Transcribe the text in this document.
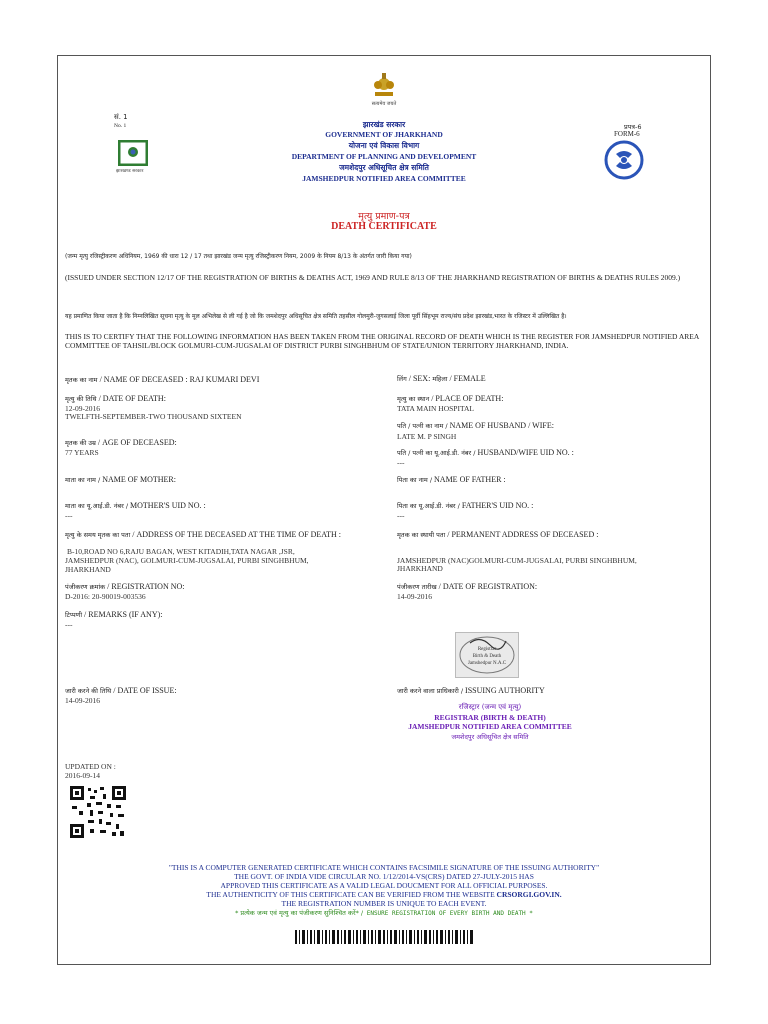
सत्यमेव जयते
सं. 1
No. 1	प्रपत्र-6
FORM-6
झारखण्ड सरकार
झारखंड सरकार
GOVERNMENT OF JHARKHAND
योजना एवं विकास विभाग
DEPARTMENT OF PLANNING AND DEVELOPMENT
जमशेदपुर अधिसूचित क्षेत्र समिति
JAMSHEDPUR NOTIFIED AREA COMMITTEE
मृत्यु प्रमाण-पत्र
DEATH CERTIFICATE
(जन्म मृत्यु रजिस्ट्रीकरण अधिनियम, 1969 की धारा 12 / 17 तथा झारखंड जन्म मृत्यु रजिस्ट्रीकरण नियम, 2009 के नियम 8/13 के अंतर्गत जारी किया गया)
(ISSUED UNDER SECTION 12/17 OF THE REGISTRATION OF BIRTHS & DEATHS ACT, 1969 AND RULE 8/13 OF THE JHARKHAND REGISTRATION OF BIRTHS & DEATHS RULES 2009.)
यह प्रमाणित किया जाता है कि निम्नलिखित सूचना मृत्यु के मूल अभिलेख से ली गई है जो कि जमशेदपुर अधिसूचित क्षेत्र समिति तहसील गोलमुरी-जुगसलाई जिला पूर्वी सिंहभूम राज्य/संघ प्रदेश झारखंड,भारत के रजिस्टर में उल्लिखित है।
THIS IS TO CERTIFY THAT THE FOLLOWING INFORMATION HAS BEEN TAKEN FROM THE ORIGINAL RECORD OF DEATH WHICH IS THE REGISTER FOR JAMSHEDPUR NOTIFIED AREA COMMITTEE OF TAHSIL/BLOCK GOLMURI-CUM-JUGSALAI OF DISTRICT PURBI SINGHBHUM OF STATE/UNION TERRITORY JHARKHAND, INDIA.
मृतक का नाम / NAME OF DECEASED : RAJ KUMARI DEVI	लिंग / SEX: महिला / FEMALE
मृत्यु की तिथि / DATE OF DEATH:
12-09-2016
TWELFTH-SEPTEMBER-TWO THOUSAND SIXTEEN
मृत्यु का स्थान / PLACE OF DEATH:
TATA MAIN HOSPITAL
पति / पत्नी का नाम / NAME OF HUSBAND / WIFE:
LATE M. P SINGH
मृतक की उम्र / AGE OF DECEASED:
77 YEARS	पति / पत्नी का यू.आई.डी. नंबर / HUSBAND/WIFE UID NO. :
---
माता का नाम / NAME OF MOTHER:	पिता का नाम / NAME OF FATHER :
माता का यू.आई.डी. नंबर / MOTHER'S UID NO. :
---
पिता का यू.आई.डी. नंबर / FATHER'S UID NO. :
---
मृत्यु के समय मृतक का पता / ADDRESS OF THE DECEASED AT THE TIME OF DEATH :
B-10,ROAD NO 6,RAJU BAGAN, WEST KITADIH,TATA NAGAR ,JSR,
JAMSHEDPUR (NAC), GOLMURI-CUM-JUGSALAI, PURBI SINGHBHUM,
JHARKHAND
मृतक का स्थायी पता / PERMANENT ADDRESS OF DECEASED :
JAMSHEDPUR (NAC)GOLMURI-CUM-JUGSALAI, PURBI SINGHBHUM,
JHARKHAND
पंजीकरण क्रमांक / REGISTRATION NO:
D-2016: 20-90019-003536
पंजीकरण तारीख / DATE OF REGISTRATION:
14-09-2016
टिप्पणी / REMARKS (IF ANY):
---
Registrar
Birth & Death
Jamshedpur N.A.C
जारी करने की तिथि / DATE OF ISSUE:
14-09-2016
जारी करने वाला प्राधिकारी / ISSUING AUTHORITY
रजिस्ट्रार (जन्म एवं मृत्यु)
REGISTRAR (BIRTH & DEATH)
JAMSHEDPUR NOTIFIED AREA COMMITTEE
जमशेदपुर अधिसूचित क्षेत्र समिति
UPDATED ON :
2016-09-14
"THIS IS A COMPUTER GENERATED CERTIFICATE WHICH CONTAINS FACSIMILE SIGNATURE OF THE ISSUING AUTHORITY"
THE GOVT. OF INDIA VIDE CIRCULAR NO. 1/12/2014-VS(CRS) DATED 27-JULY-2015 HAS
APPROVED THIS CERTIFICATE AS A VALID LEGAL DOUCMENT FOR ALL OFFICIAL PURPOSES.
THE AUTHENTICITY OF THIS CERTIFICATE CAN BE VERIFIED FROM THE WEBSITE CRSORGI.GOV.IN.
THE REGISTRATION NUMBER IS UNIQUE TO EACH EVENT.
* प्रत्येक जन्म एवं मृत्यु का पंजीकरण सुनिश्चित करें* / ENSURE REGISTRATION OF EVERY BIRTH AND DEATH *
